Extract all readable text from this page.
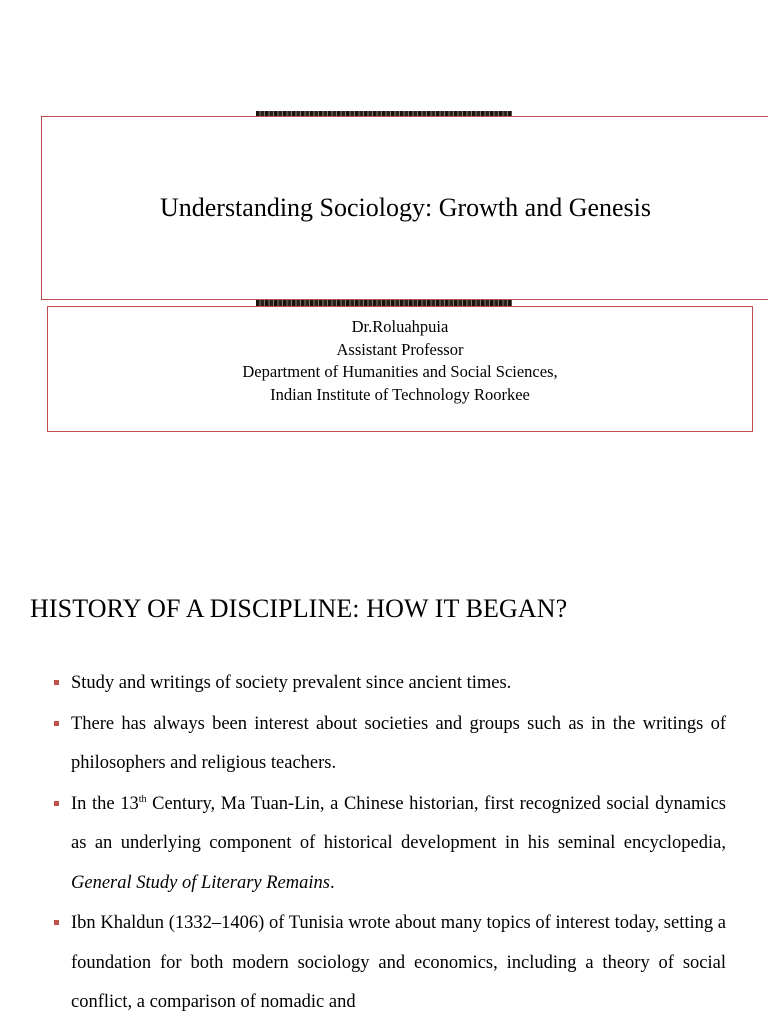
Understanding Sociology: Growth and Genesis
Dr.Roluahpuia
Assistant Professor
Department of Humanities and Social Sciences,
Indian Institute of Technology Roorkee
HISTORY OF A DISCIPLINE: HOW IT BEGAN?
Study and writings of society prevalent since ancient times.
There has always been interest about societies and groups such as in the writings of philosophers and religious teachers.
In the 13th Century, Ma Tuan-Lin, a Chinese historian, first recognized social dynamics as an underlying component of historical development in his seminal encyclopedia, General Study of Literary Remains.
Ibn Khaldun (1332–1406) of Tunisia wrote about many topics of interest today, setting a foundation for both modern sociology and economics, including a theory of social conflict, a comparison of nomadic and
